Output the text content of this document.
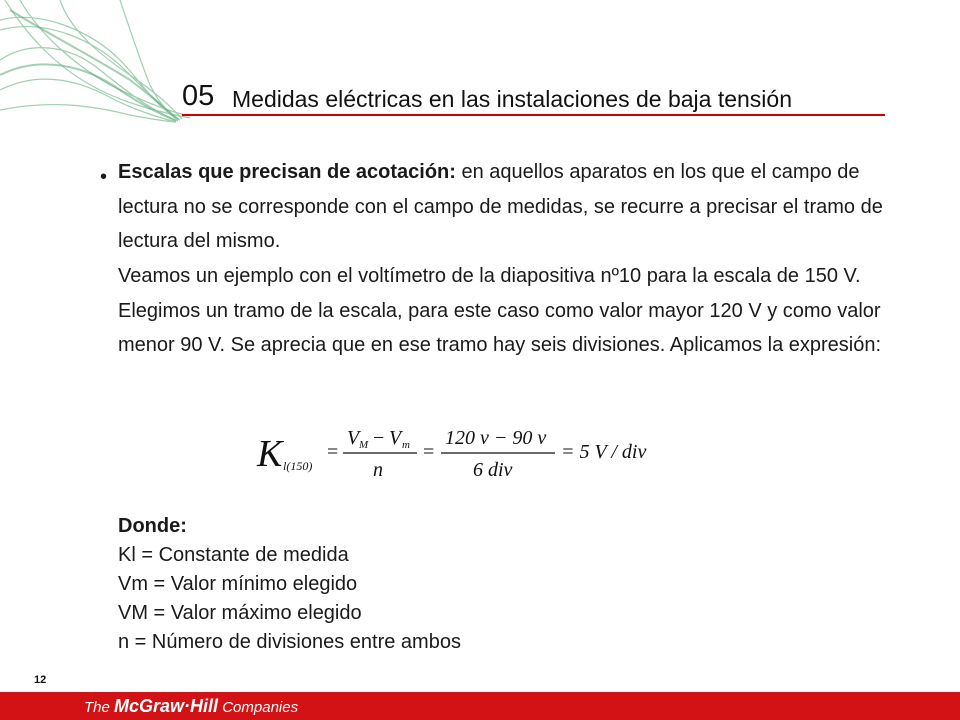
05 Medidas eléctricas en las instalaciones de baja tensión
• Escalas que precisan de acotación: en aquellos aparatos en los que el campo de lectura no se corresponde con el campo de medidas, se recurre a precisar el tramo de lectura del mismo.

Veamos un ejemplo con el voltímetro de la diapositiva nº10 para la escala de 150 V. Elegimos un tramo de la escala, para este caso como valor mayor 120 V y como valor menor 90 V. Se aprecia que en ese tramo hay seis divisiones. Aplicamos la expresión:

K l(150)
=
V M − V m
n
=
120 v − 90 v
6 div
= 5 V / div
Donde:
Kl = Constante de medida
Vm = Valor mínimo elegido
VM = Valor máximo elegido
n = Número de divisiones entre ambos
12
The McGraw·Hill Companies
